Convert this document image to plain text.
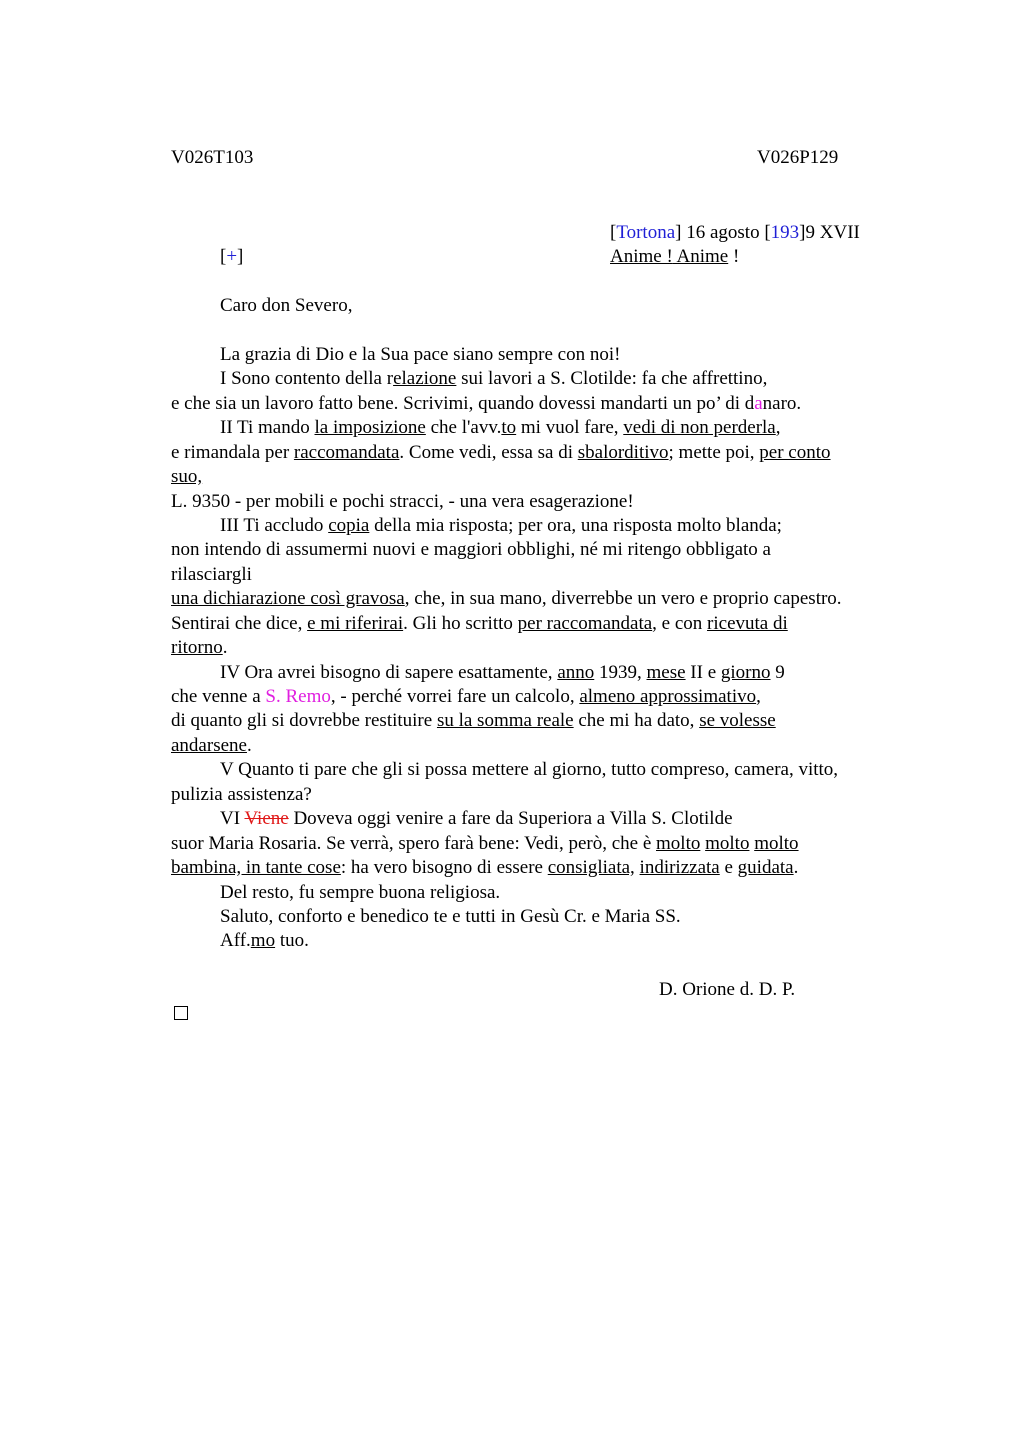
V026T103	V026P129
[Tortona] 16 agosto [193]9 XVII
Anime ! Anime !
[+]
Caro don Severo,
La grazia di Dio e la Sua pace siano sempre con noi!
I Sono contento della relazione sui lavori a S. Clotilde: fa che affrettino,
e che sia un lavoro fatto bene. Scrivimi, quando dovessi mandarti un po’ di danaro.
II Ti mando la imposizione che l'avv.to mi vuol fare, vedi di non perderla,
e rimandala per raccomandata. Come vedi, essa sa di sbalorditivo; mette poi, per conto
suo,
L. 9350 - per mobili e pochi stracci, - una vera esagerazione!
III Ti accludo copia della mia risposta; per ora, una risposta molto blanda;
non intendo di assumermi nuovi e maggiori obblighi, né mi ritengo obbligato a
rilasciargli
una dichiarazione così gravosa, che, in sua mano, diverrebbe un vero e proprio capestro.
Sentirai che dice, e mi riferirai. Gli ho scritto per raccomandata, e con ricevuta di
ritorno.
IV Ora avrei bisogno di sapere esattamente, anno 1939, mese II e giorno 9
che venne a S. Remo, - perché vorrei fare un calcolo, almeno approssimativo,
di quanto gli si dovrebbe restituire su la somma reale che mi ha dato, se volesse
andarsene.
V Quanto ti pare che gli si possa mettere al giorno, tutto compreso, camera, vitto,
pulizia assistenza?
VI Viene Doveva oggi venire a fare da Superiora a Villa S. Clotilde
suor Maria Rosaria. Se verrà, spero farà bene: Vedi, però, che è molto molto molto
bambina, in tante cose: ha vero bisogno di essere consigliata, indirizzata e guidata.
Del resto, fu sempre buona religiosa.
Saluto, conforto e benedico te e tutti in Gesù Cr. e Maria SS.
Aff.mo tuo.
D. Orione d. D. P.
